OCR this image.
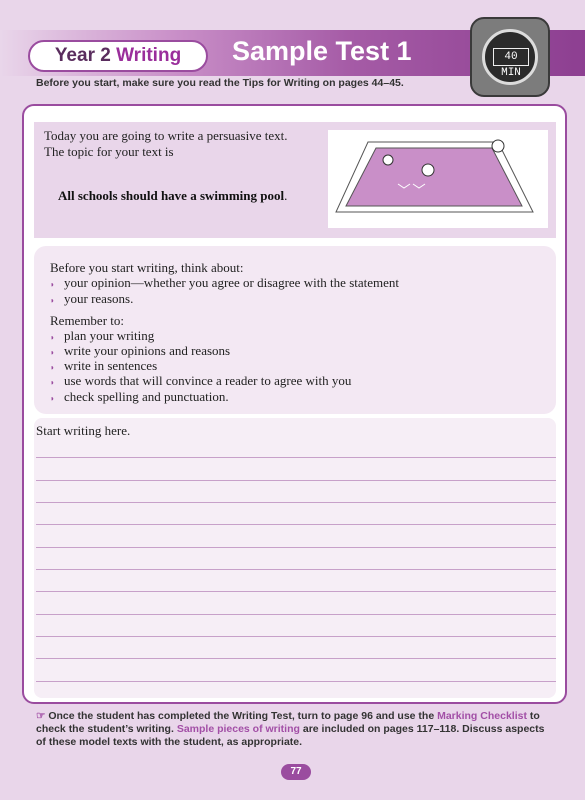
Year 2 Writing	Sample Test 1	40 MIN
Before you start, make sure you read the Tips for Writing on pages 44–45.
Today you are going to write a persuasive text.
The topic for your text is
All schools should have a swimming pool.
Before you start writing, think about:
◗ your opinion—whether you agree or disagree with the statement
◗ your reasons.
Remember to:
◗ plan your writing
◗ write your opinions and reasons
◗ write in sentences
◗ use words that will convince a reader to agree with you
◗ check spelling and punctuation.
Start writing here.
☞ Once the student has completed the Writing Test, turn to page 96 and use the Marking Checklist to check the student’s writing. Sample pieces of writing are included on pages 117–118. Discuss aspects of these model texts with the student, as appropriate.
77
